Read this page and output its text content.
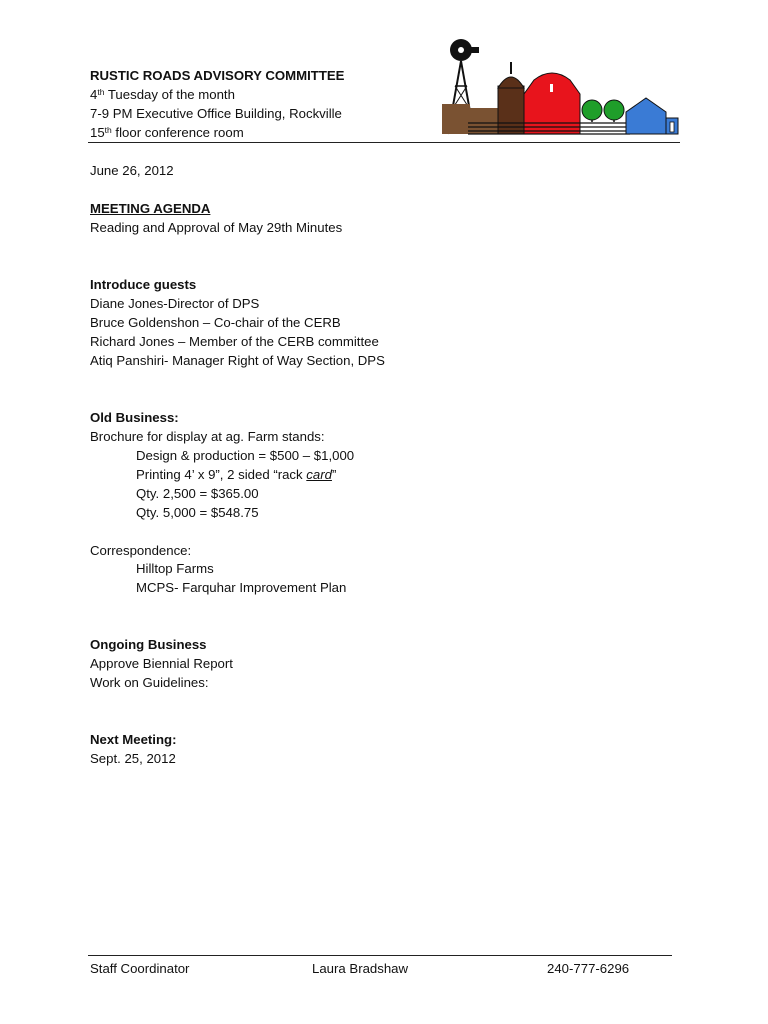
RUSTIC ROADS ADVISORY COMMITTEE
4th Tuesday of the month
7-9 PM Executive Office Building, Rockville
15th floor conference room
June 26, 2012
MEETING AGENDA
Reading and Approval of May 29th Minutes
Introduce guests
Diane Jones-Director of DPS
Bruce Goldenshon – Co-chair of the CERB
Richard Jones – Member of the CERB committee
Atiq Panshiri- Manager Right of Way Section, DPS
Old Business:
Brochure for display at ag. Farm stands:
Design & production = $500 – $1,000
Printing 4’ x 9”, 2 sided “rack card”
Qty. 2,500 = $365.00
Qty. 5,000 = $548.75
Correspondence:
Hilltop Farms
MCPS- Farquhar Improvement Plan
Ongoing Business
Approve Biennial Report
Work on Guidelines:
Next Meeting:
Sept. 25, 2012
Staff Coordinator	Laura Bradshaw	240-777-6296
